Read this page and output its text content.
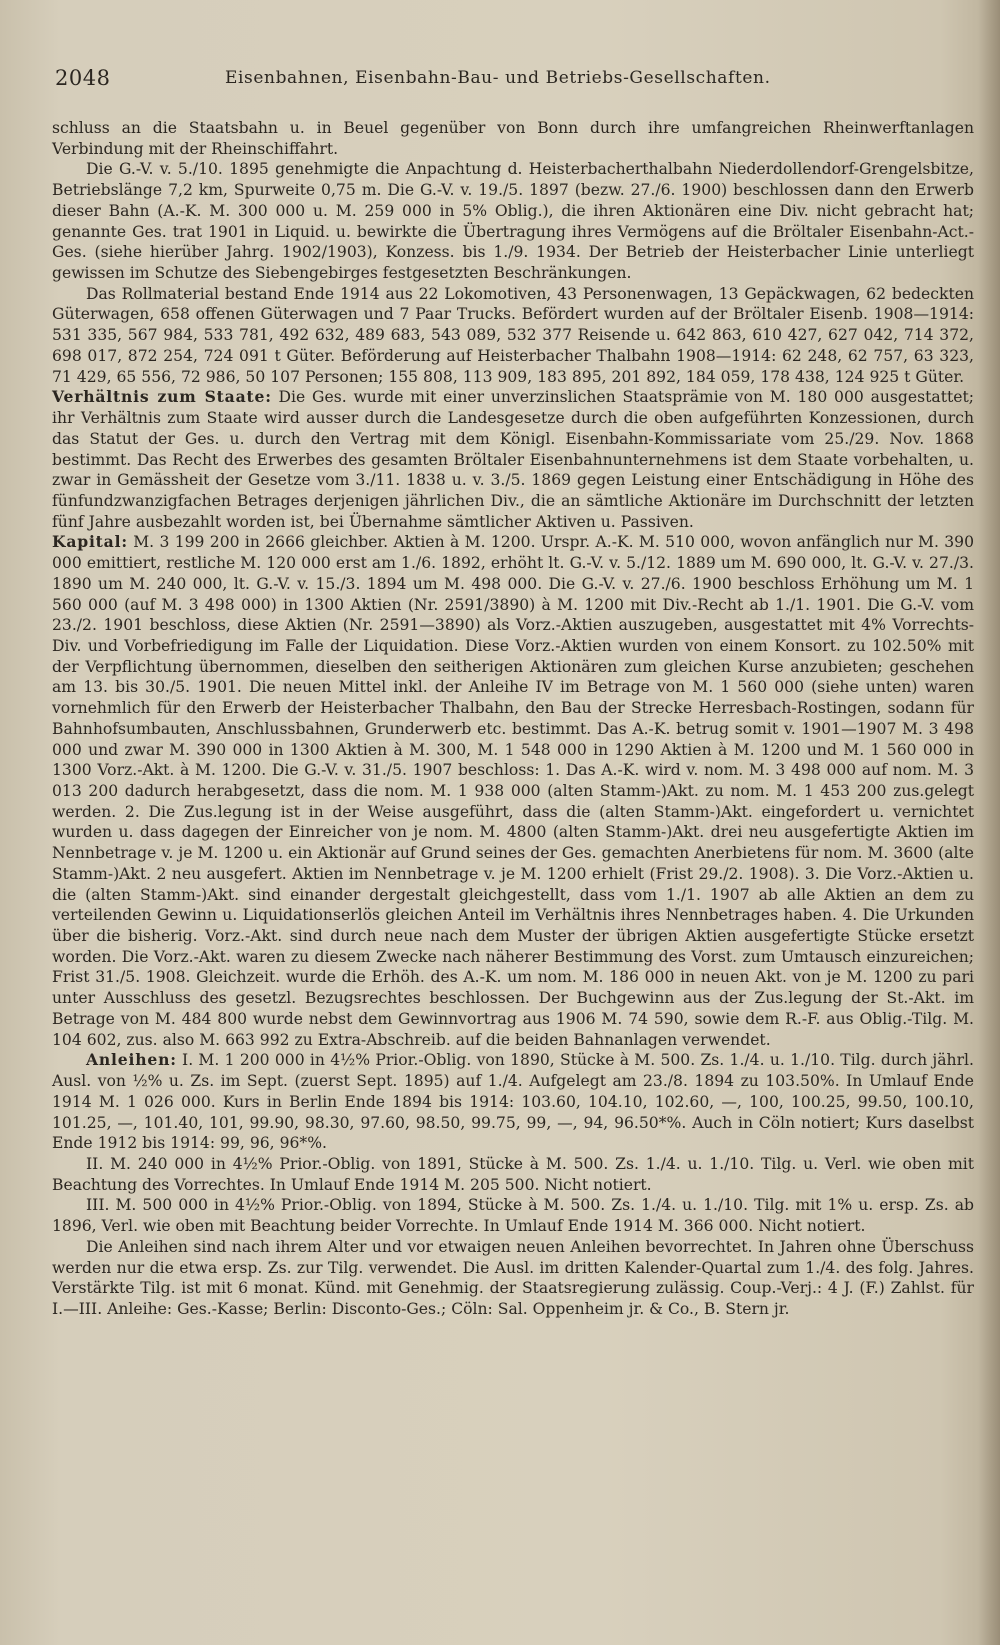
2048	Eisenbahnen, Eisenbahn-Bau- und Betriebs-Gesellschaften.

schluss an die Staatsbahn u. in Beuel gegenüber von Bonn durch ihre umfangreichen Rheinwerftanlagen Verbindung mit der Rheinschiffahrt.

Die G.-V. v. 5./10. 1895 genehmigte die Anpachtung d. Heisterbacherthalbahn Niederdollendorf-Grengelsbitze, Betriebslänge 7,2 km, Spurweite 0,75 m. Die G.-V. v. 19./5. 1897 (bezw. 27./6. 1900) beschlossen dann den Erwerb dieser Bahn (A.-K. M. 300 000 u. M. 259 000 in 5% Oblig.), die ihren Aktionären eine Div. nicht gebracht hat; genannte Ges. trat 1901 in Liquid. u. bewirkte die Übertragung ihres Vermögens auf die Bröltaler Eisenbahn-Act.-Ges. (siehe hierüber Jahrg. 1902/1903), Konzess. bis 1./9. 1934. Der Betrieb der Heisterbacher Linie unterliegt gewissen im Schutze des Siebengebirges festgesetzten Beschränkungen.

Das Rollmaterial bestand Ende 1914 aus 22 Lokomotiven, 43 Personenwagen, 13 Gepäckwagen, 62 bedeckten Güterwagen, 658 offenen Güterwagen und 7 Paar Trucks. Befördert wurden auf der Bröltaler Eisenb. 1908—1914: 531 335, 567 984, 533 781, 492 632, 489 683, 543 089, 532 377 Reisende u. 642 863, 610 427, 627 042, 714 372, 698 017, 872 254, 724 091 t Güter. Beförderung auf Heisterbacher Thalbahn 1908—1914: 62 248, 62 757, 63 323, 71 429, 65 556, 72 986, 50 107 Personen; 155 808, 113 909, 183 895, 201 892, 184 059, 178 438, 124 925 t Güter.

Verhältnis zum Staate: Die Ges. wurde mit einer unverzinslichen Staatsprämie von M. 180 000 ausgestattet; ihr Verhältnis zum Staate wird ausser durch die Landesgesetze durch die oben aufgeführten Konzessionen, durch das Statut der Ges. u. durch den Vertrag mit dem Königl. Eisenbahn-Kommissariate vom 25./29. Nov. 1868 bestimmt. Das Recht des Erwerbes des gesamten Bröltaler Eisenbahnunternehmens ist dem Staate vorbehalten, u. zwar in Gemässheit der Gesetze vom 3./11. 1838 u. v. 3./5. 1869 gegen Leistung einer Entschädigung in Höhe des fünfundzwanzigfachen Betrages derjenigen jährlichen Div., die an sämtliche Aktionäre im Durchschnitt der letzten fünf Jahre ausbezahlt worden ist, bei Übernahme sämtlicher Aktiven u. Passiven.

Kapital: M. 3 199 200 in 2666 gleichber. Aktien à M. 1200. Urspr. A.-K. M. 510 000, wovon anfänglich nur M. 390 000 emittiert, restliche M. 120 000 erst am 1./6. 1892, erhöht lt. G.-V. v. 5./12. 1889 um M. 690 000, lt. G.-V. v. 27./3. 1890 um M. 240 000, lt. G.-V. v. 15./3. 1894 um M. 498 000. Die G.-V. v. 27./6. 1900 beschloss Erhöhung um M. 1 560 000 (auf M. 3 498 000) in 1300 Aktien (Nr. 2591/3890) à M. 1200 mit Div.-Recht ab 1./1. 1901. Die G.-V. vom 23./2. 1901 beschloss, diese Aktien (Nr. 2591—3890) als Vorz.-Aktien auszugeben, ausgestattet mit 4% Vorrechts-Div. und Vorbefriedigung im Falle der Liquidation. Diese Vorz.-Aktien wurden von einem Konsort. zu 102.50% mit der Verpflichtung übernommen, dieselben den seitherigen Aktionären zum gleichen Kurse anzubieten; geschehen am 13. bis 30./5. 1901. Die neuen Mittel inkl. der Anleihe IV im Betrage von M. 1 560 000 (siehe unten) waren vornehmlich für den Erwerb der Heisterbacher Thalbahn, den Bau der Strecke Herresbach-Rostingen, sodann für Bahnhofsumbauten, Anschlussbahnen, Grunderwerb etc. bestimmt. Das A.-K. betrug somit v. 1901—1907 M. 3 498 000 und zwar M. 390 000 in 1300 Aktien à M. 300, M. 1 548 000 in 1290 Aktien à M. 1200 und M. 1 560 000 in 1300 Vorz.-Akt. à M. 1200. Die G.-V. v. 31./5. 1907 beschloss: 1. Das A.-K. wird v. nom. M. 3 498 000 auf nom. M. 3 013 200 dadurch herabgesetzt, dass die nom. M. 1 938 000 (alten Stamm-)Akt. zu nom. M. 1 453 200 zus.gelegt werden. 2. Die Zus.legung ist in der Weise ausgeführt, dass die (alten Stamm-)Akt. eingefordert u. vernichtet wurden u. dass dagegen der Einreicher von je nom. M. 4800 (alten Stamm-)Akt. drei neu ausgefertigte Aktien im Nennbetrage v. je M. 1200 u. ein Aktionär auf Grund seines der Ges. gemachten Anerbietens für nom. M. 3600 (alte Stamm-)Akt. 2 neu ausgefert. Aktien im Nennbetrage v. je M. 1200 erhielt (Frist 29./2. 1908). 3. Die Vorz.-Aktien u. die (alten Stamm-)Akt. sind einander dergestalt gleichgestellt, dass vom 1./1. 1907 ab alle Aktien an dem zu verteilenden Gewinn u. Liquidationserlös gleichen Anteil im Verhältnis ihres Nennbetrages haben. 4. Die Urkunden über die bisherig. Vorz.-Akt. sind durch neue nach dem Muster der übrigen Aktien ausgefertigte Stücke ersetzt worden. Die Vorz.-Akt. waren zu diesem Zwecke nach näherer Bestimmung des Vorst. zum Umtausch einzureichen; Frist 31./5. 1908. Gleichzeit. wurde die Erhöh. des A.-K. um nom. M. 186 000 in neuen Akt. von je M. 1200 zu pari unter Ausschluss des gesetzl. Bezugsrechtes beschlossen. Der Buchgewinn aus der Zus.legung der St.-Akt. im Betrage von M. 484 800 wurde nebst dem Gewinnvortrag aus 1906 M. 74 590, sowie dem R.-F. aus Oblig.-Tilg. M. 104 602, zus. also M. 663 992 zu Extra-Abschreib. auf die beiden Bahnanlagen verwendet.

Anleihen: I. M. 1 200 000 in 4½% Prior.-Oblig. von 1890, Stücke à M. 500. Zs. 1./4. u. 1./10. Tilg. durch jährl. Ausl. von ½% u. Zs. im Sept. (zuerst Sept. 1895) auf 1./4. Aufgelegt am 23./8. 1894 zu 103.50%. In Umlauf Ende 1914 M. 1 026 000. Kurs in Berlin Ende 1894 bis 1914: 103.60, 104.10, 102.60, —, 100, 100.25, 99.50, 100.10, 101.25, —, 101.40, 101, 99.90, 98.30, 97.60, 98.50, 99.75, 99, —, 94, 96.50*%. Auch in Cöln notiert; Kurs daselbst Ende 1912 bis 1914: 99, 96, 96*%.

II. M. 240 000 in 4½% Prior.-Oblig. von 1891, Stücke à M. 500. Zs. 1./4. u. 1./10. Tilg. u. Verl. wie oben mit Beachtung des Vorrechtes. In Umlauf Ende 1914 M. 205 500. Nicht notiert.

III. M. 500 000 in 4½% Prior.-Oblig. von 1894, Stücke à M. 500. Zs. 1./4. u. 1./10. Tilg. mit 1% u. ersp. Zs. ab 1896, Verl. wie oben mit Beachtung beider Vorrechte. In Umlauf Ende 1914 M. 366 000. Nicht notiert.

Die Anleihen sind nach ihrem Alter und vor etwaigen neuen Anleihen bevorrechtet. In Jahren ohne Überschuss werden nur die etwa ersp. Zs. zur Tilg. verwendet. Die Ausl. im dritten Kalender-Quartal zum 1./4. des folg. Jahres. Verstärkte Tilg. ist mit 6 monat. Künd. mit Genehmig. der Staatsregierung zulässig. Coup.-Verj.: 4 J. (F.) Zahlst. für I.—III. Anleihe: Ges.-Kasse; Berlin: Disconto-Ges.; Cöln: Sal. Oppenheim jr. & Co., B. Stern jr.
